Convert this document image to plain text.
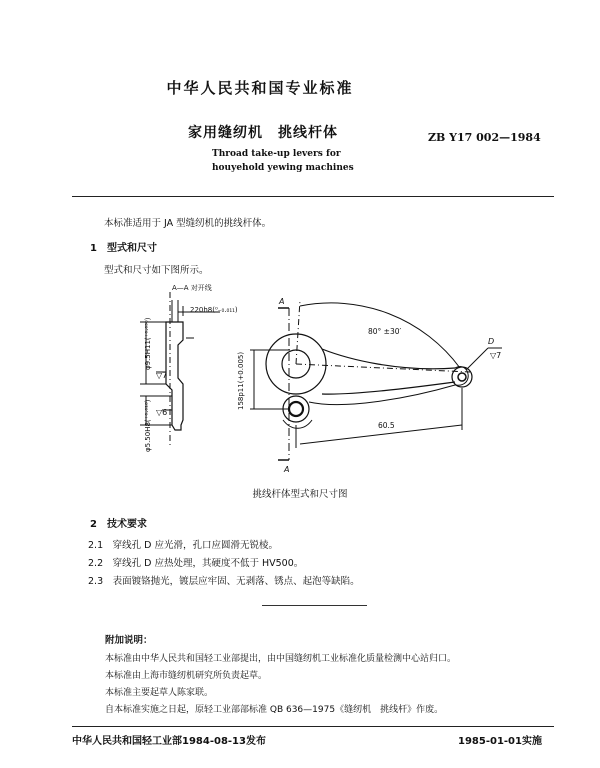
中华人民共和国专业标准
家用缝纫机　挑线杆体	ZB Y17 002—1984
Throad take-up levers for
houyehold yewing machines
本标准适用于 JA 型缝纫机的挑线杆体。
1　型式和尺寸
型式和尺寸如下图所示。
A—A 对开线
220h8(⁰₋₀.₀₁₁)
φ9.5H11(⁺⁰·⁰⁹⁰)
φ5.50H8(⁺⁰·⁰¹⁸)
▽7
▽6
158p11(+0.005)
80° ±30′
60.5
A
A
D
▽7
挑线杆体型式和尺寸图
2　技术要求
2.1　穿线孔 D 应光滑，孔口应圆滑无锐棱。
2.2　穿线孔 D 应热处理，其硬度不低于 HV500。
2.3　表面镀铬抛光，镀层应牢固、无剥落、锈点、起泡等缺陷。
附加说明：
本标准由中华人民共和国轻工业部提出，由中国缝纫机工业标准化质量检测中心站归口。
本标准由上海市缝纫机研究所负责起草。
本标准主要起草人陈家联。
自本标准实施之日起，原轻工业部部标准 QB 636—1975《缝纫机　挑线杆》作废。
中华人民共和国轻工业部1984-08-13发布	1985-01-01实施
